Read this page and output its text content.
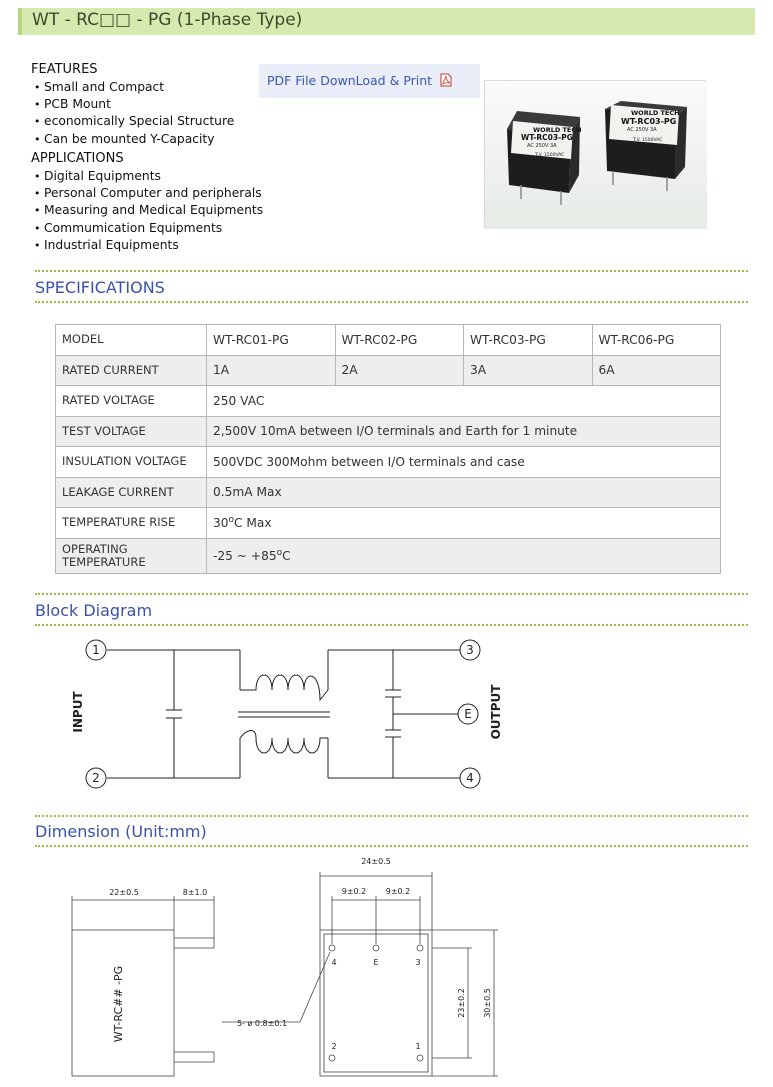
WT - RC□□ - PG (1-Phase Type)
FEATURES
• Small and Compact
• PCB Mount
• economically Special Structure
• Can be mounted Y-Capacity
APPLICATIONS
• Digital Equipments
• Personal Computer and peripherals
• Measuring and Medical Equipments
• Commumication Equipments
• Industrial Equipments
PDF File DownLoad & Print
WORLD TECH
WT-RC03-PG
AC 250V 3A
T.V. 1500VAC
WORLD TECH
WT-RC03-PG
AC 250V 3A
T.V. 1500VAC
SPECIFICATIONS
MODEL	WT-RC01-PG	WT-RC02-PG	WT-RC03-PG	WT-RC06-PG
RATED CURRENT	1A	2A	3A	6A
RATED VOLTAGE	250 VAC			
TEST VOLTAGE	2,500V 10mA between I/O terminals and Earth for 1 minute			
INSULATION VOLTAGE	500VDC 300Mohm between I/O terminals and case			
LEAKAGE CURRENT	0.5mA Max			
TEMPERATURE RISE	30$^o$C Max			
OPERATING
TEMPERATURE	-25 ~ $+85^oC$			
Block Diagram
1
2
3
4
E
INPUT	OUTPUT
22±0.5	8±1.0
WT-RC## -PG
24±0.5
9±0.2 9±0.2
23±0.2 30±0.5
5- ø 0.8±0.1
4	E	3
2	1
Dimension (Unit:mm)
